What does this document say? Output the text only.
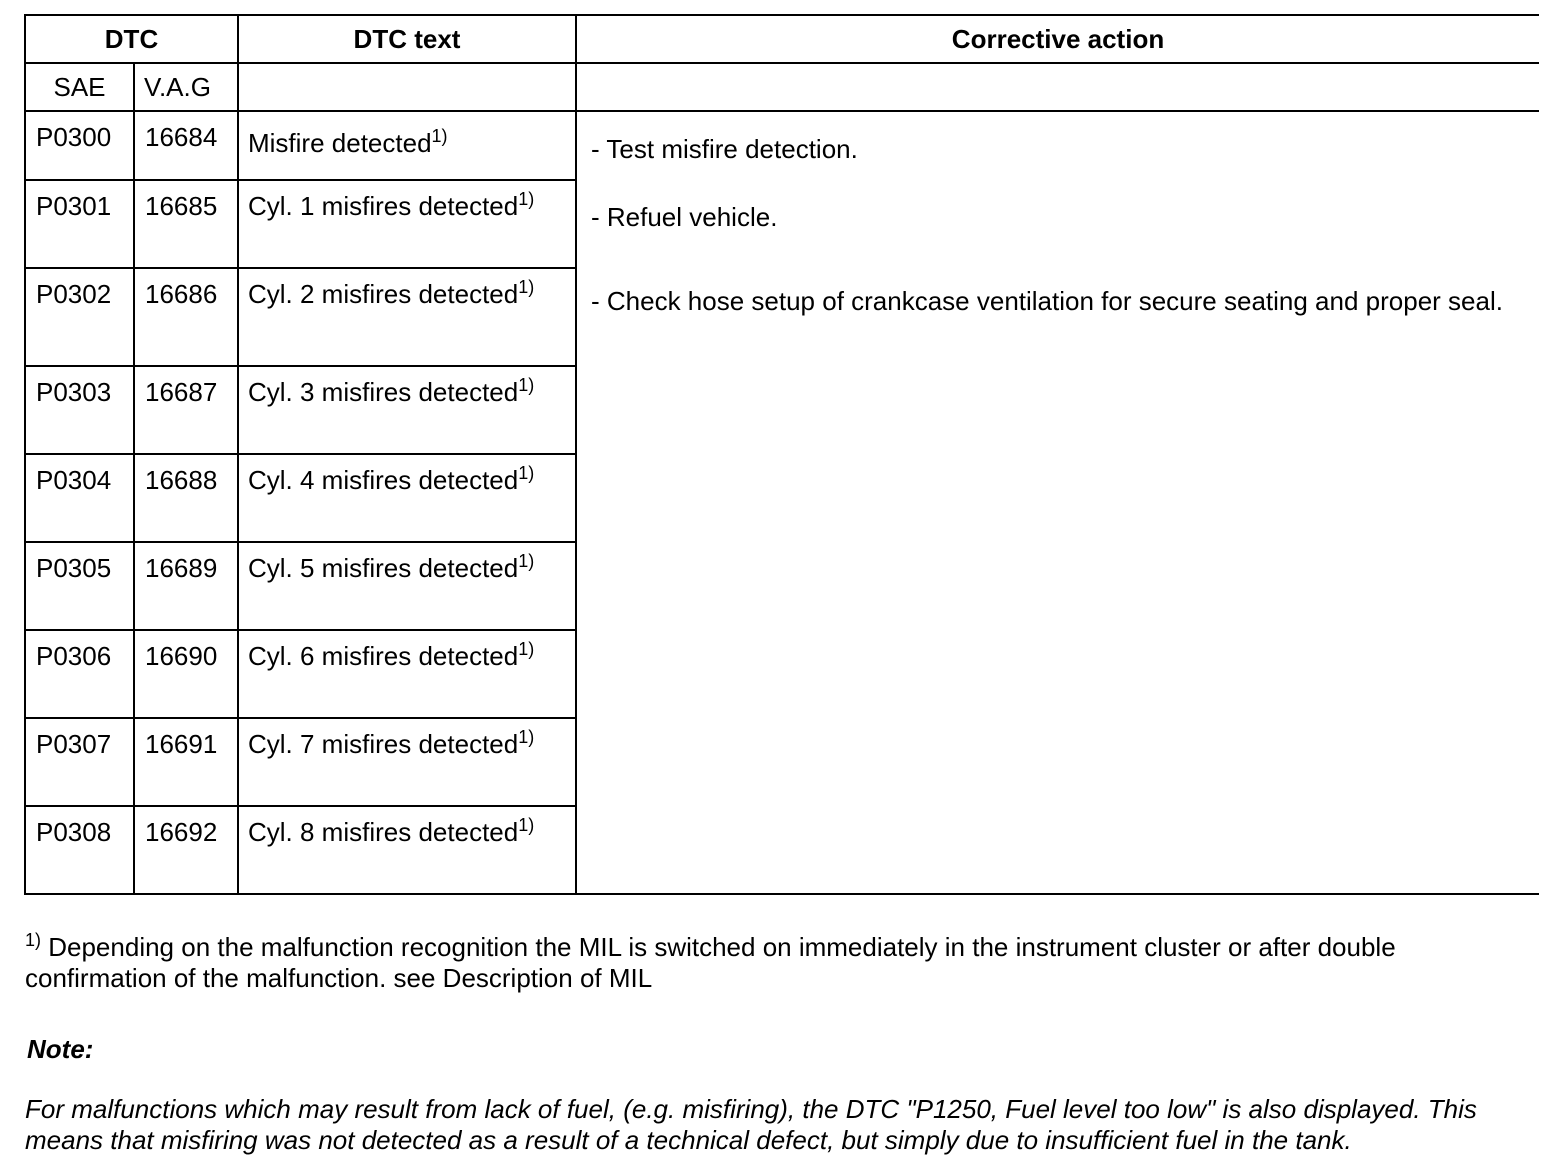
DTC		DTC text	Corrective action
SAE	V.A.G		
P0300	16684	Misfire detected$^{1)}$	- Test misfire detection.

- Refuel vehicle.

- Check hose setup of crankcase ventilation for secure seating and proper seal.

P0301	16685	Cyl. 1 misfires detected$^{1)}$
P0302	16686	Cyl. 2 misfires detected$^{1)}$
P0303	16687	Cyl. 3 misfires detected$^{1)}$
P0304	16688	Cyl. 4 misfires detected$^{1)}$
P0305	16689	Cyl. 5 misfires detected$^{1)}$
P0306	16690	Cyl. 6 misfires detected$^{1)}$
P0307	16691	Cyl. 7 misfires detected$^{1)}$
P0308	16692	Cyl. 8 misfires detected$^{1)}$

$^{1)}$ Depending on the malfunction recognition the MIL is switched on immediately in the instrument cluster or after double confirmation of the malfunction. see Description of MIL

Note:

For malfunctions which may result from lack of fuel, (e.g. misfiring), the DTC "P1250, Fuel level too low" is also displayed. This means that misfiring was not detected as a result of a technical defect, but simply due to insufficient fuel in the tank.
